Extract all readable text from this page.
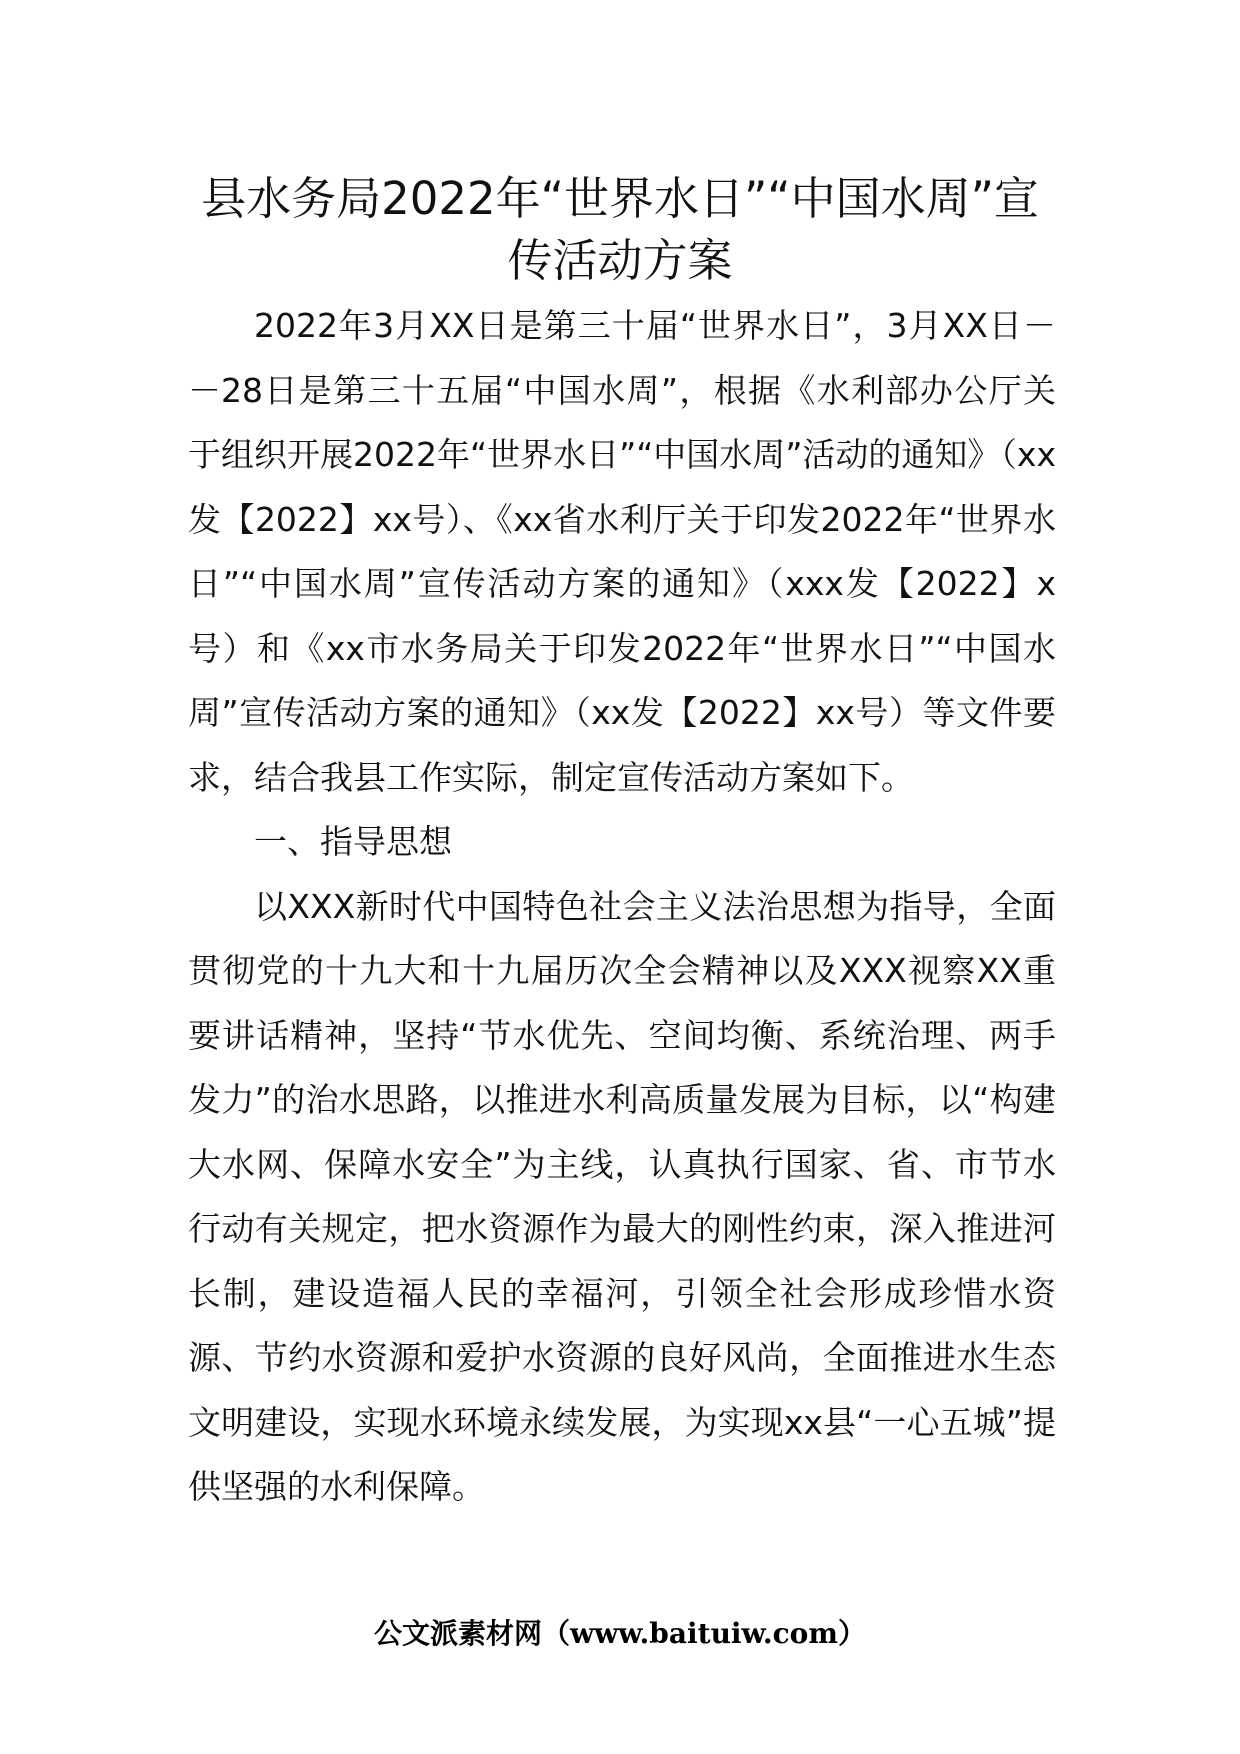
县水务局2022年“世界水日”“中国水周”宣传活动方案

2022年3月XX日是第三十届“世界水日”，3月XX日－－28日是第三十五届“中国水周”，根据《水利部办公厅关于组织开展2022年“世界水日”“中国水周”活动的通知》（xx发【2022】xx号）、《xx省水利厅关于印发2022年“世界水日”“中国水周”宣传活动方案的通知》（xxx发【2022】x号）和《xx市水务局关于印发2022年“世界水日”“中国水周”宣传活动方案的通知》（xx发【2022】xx号）等文件要求，结合我县工作实际，制定宣传活动方案如下。

一、指导思想

以XXX新时代中国特色社会主义法治思想为指导，全面贯彻党的十九大和十九届历次全会精神以及XXX视察XX重要讲话精神，坚持“节水优先、空间均衡、系统治理、两手发力”的治水思路，以推进水利高质量发展为目标，以“构建大水网、保障水安全”为主线，认真执行国家、省、市节水行动有关规定，把水资源作为最大的刚性约束，深入推进河长制，建设造福人民的幸福河，引领全社会形成珍惜水资源、节约水资源和爱护水资源的良好风尚，全面推进水生态文明建设，实现水环境永续发展，为实现xx县“一心五城”提供坚强的水利保障。

公文派素材网（www.baituiw.com）
